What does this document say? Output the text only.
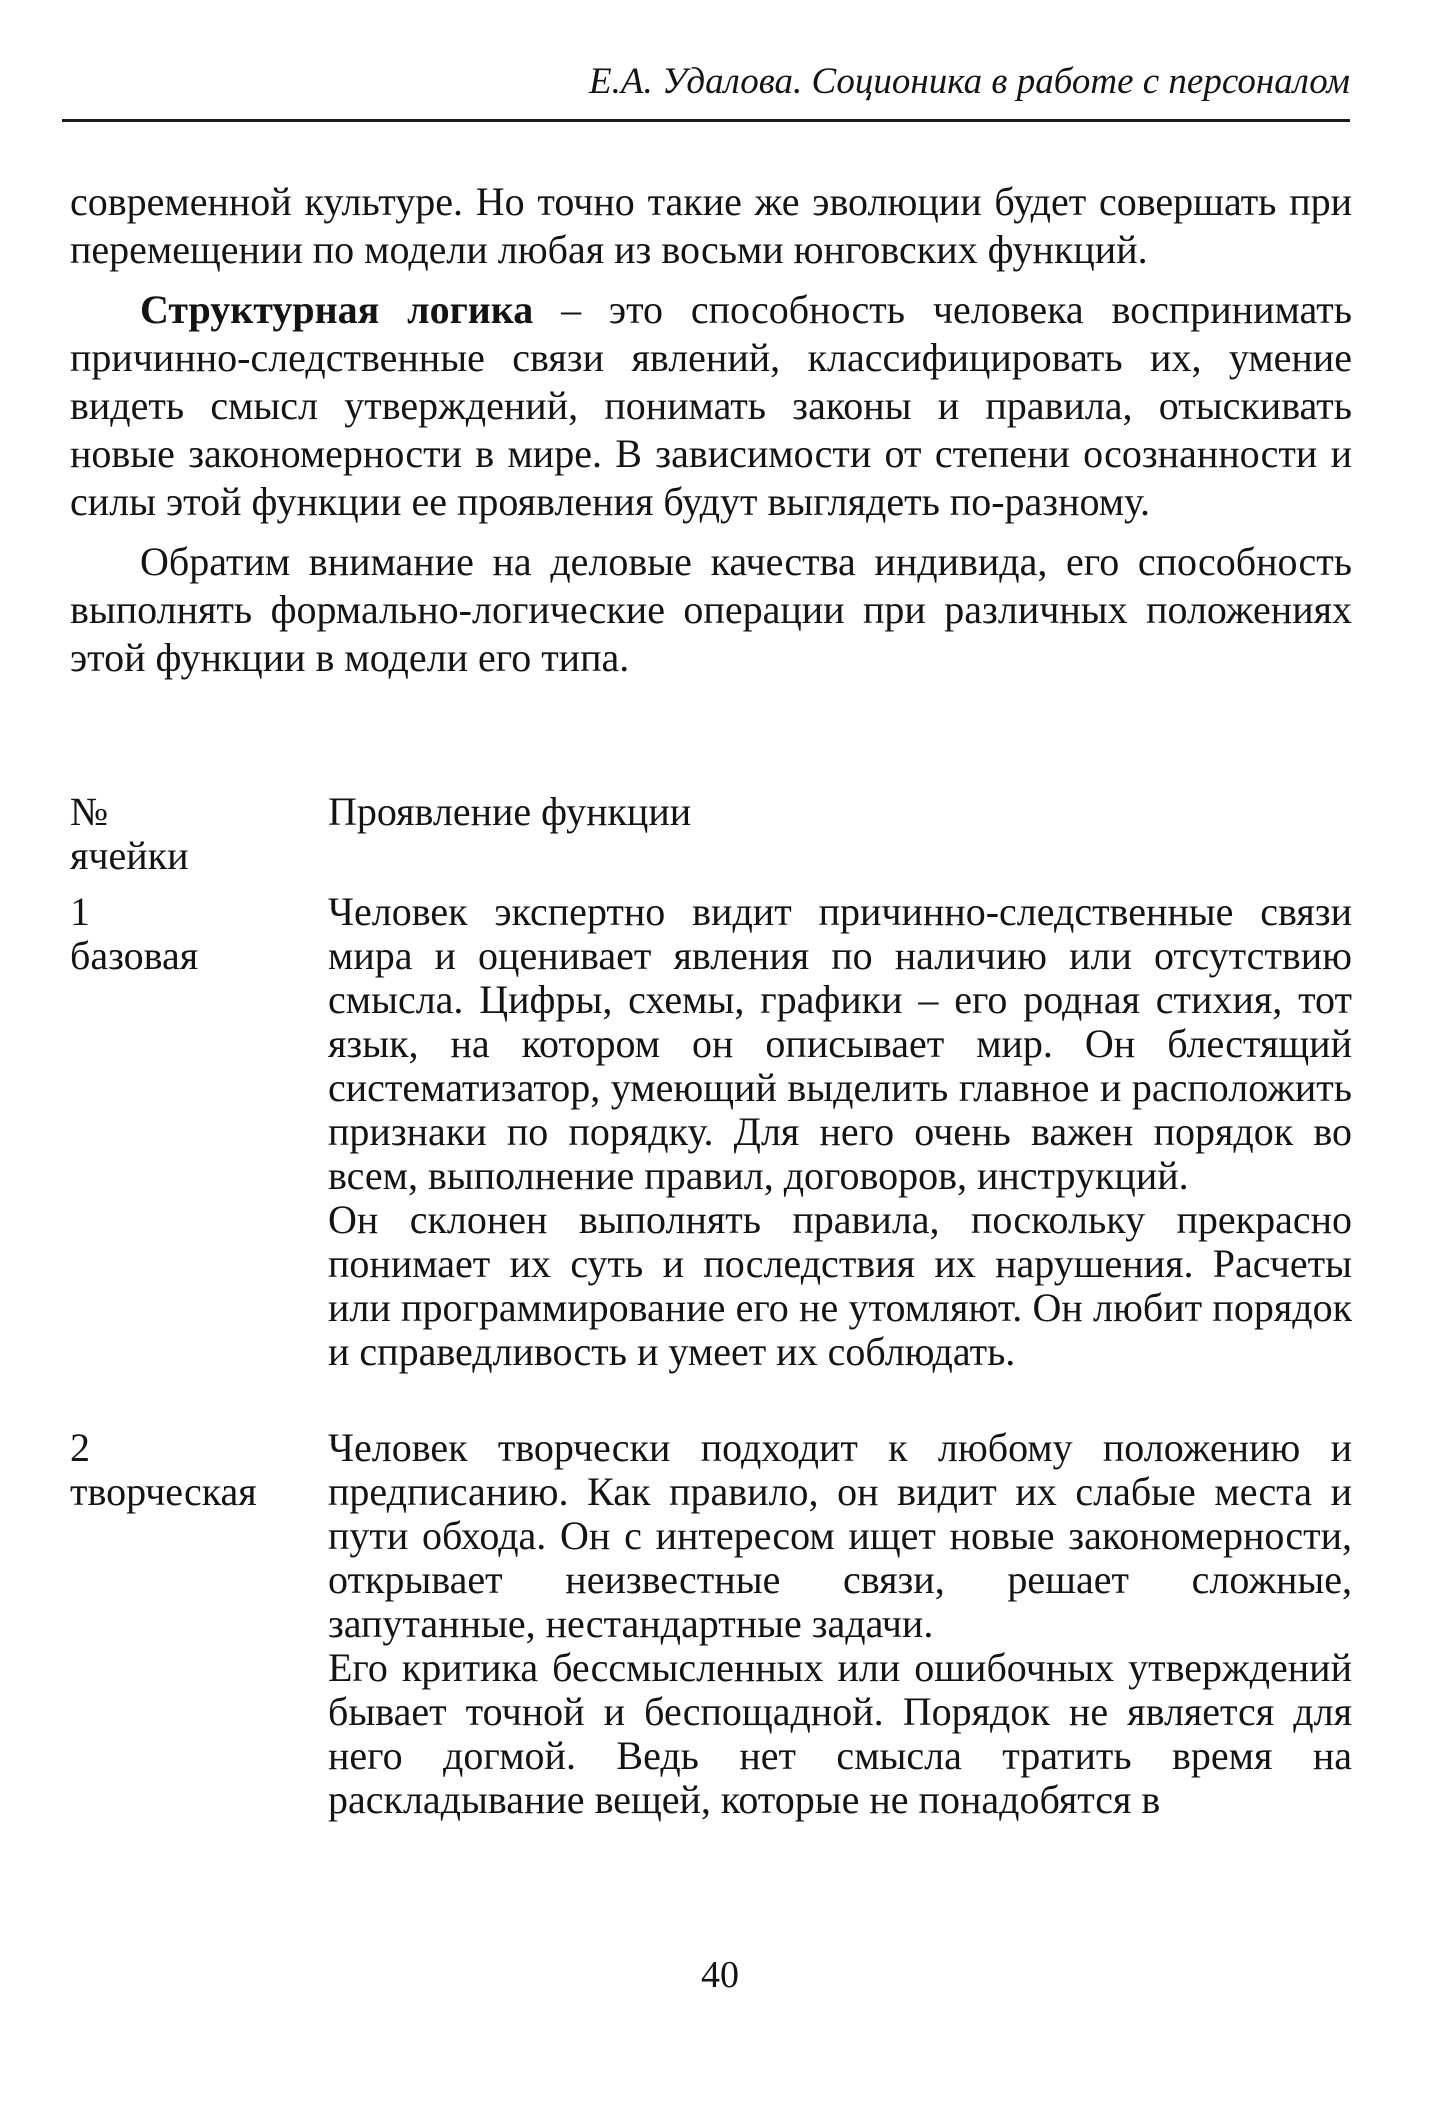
Е.А. Удалова. Соционика в работе с персоналом

современной культуре. Но точно такие же эволюции будет совершать при перемещении по модели любая из восьми юнговских функций.

Структурная логика – это способность человека воспринимать причинно-следственные связи явлений, классифицировать их, умение видеть смысл утверждений, понимать законы и правила, отыскивать новые закономерности в мире. В зависимости от степени осознанности и силы этой функции ее проявления будут выглядеть по-разному.

Обратим внимание на деловые качества индивида, его способность выполнять формально-логические операции при различных положениях этой функции в модели его типа.

№
ячейки
Проявление функции
1
базовая

Человек экспертно видит причинно-следственные связи мира и оценивает явления по наличию или отсутствию смысла. Цифры, схемы, графики – его родная стихия, тот язык, на котором он описывает мир. Он блестящий систематизатор, умеющий выделить главное и расположить признаки по порядку. Для него очень важен порядок во всем, выполнение правил, договоров, инструкций.

Он склонен выполнять правила, поскольку прекрасно понимает их суть и последствия их нарушения. Расчеты или программирование его не утомляют. Он любит порядок и справедливость и умеет их соблюдать.

2
творческая

Человек творчески подходит к любому положению и предписанию. Как правило, он видит их слабые места и пути обхода. Он с интересом ищет новые закономерности, открывает неизвестные связи, решает сложные, запутанные, нестандартные задачи.

Его критика бессмысленных или ошибочных утверждений бывает точной и беспощадной. Порядок не является для него догмой. Ведь нет смысла тратить время на раскладывание вещей, которые не понадобятся в

40
